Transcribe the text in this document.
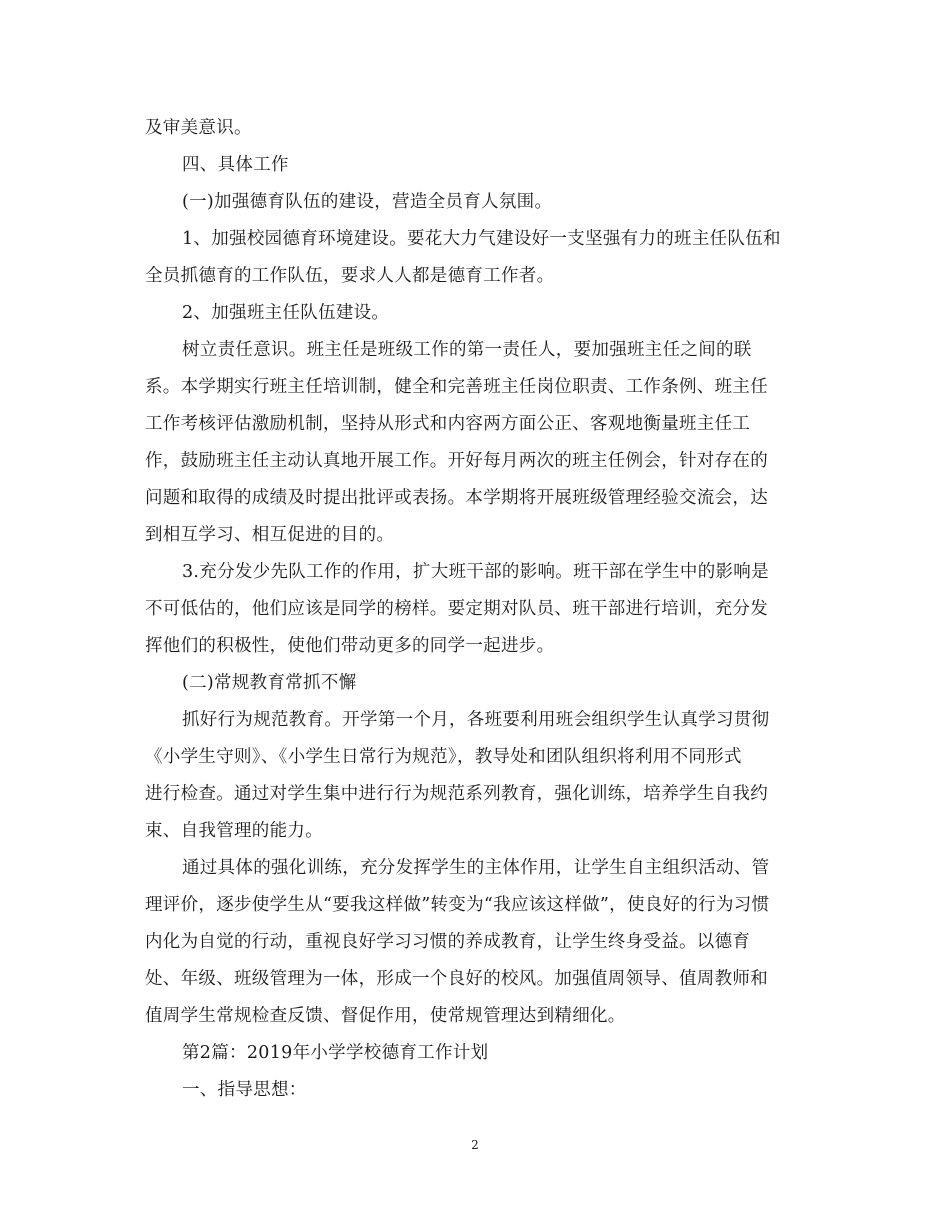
及审美意识。
四、具体工作
(一)加强德育队伍的建设，营造全员育人氛围。
1、加强校园德育环境建设。要花大力气建设好一支坚强有力的班主任队伍和
全员抓德育的工作队伍，要求人人都是德育工作者。
2、加强班主任队伍建设。
树立责任意识。班主任是班级工作的第一责任人，要加强班主任之间的联
系。本学期实行班主任培训制，健全和完善班主任岗位职责、工作条例、班主任
工作考核评估激励机制，坚持从形式和内容两方面公正、客观地衡量班主任工
作，鼓励班主任主动认真地开展工作。开好每月两次的班主任例会，针对存在的
问题和取得的成绩及时提出批评或表扬。本学期将开展班级管理经验交流会，达
到相互学习、相互促进的目的。
3.充分发少先队工作的作用，扩大班干部的影响。班干部在学生中的影响是
不可低估的，他们应该是同学的榜样。要定期对队员、班干部进行培训，充分发
挥他们的积极性，使他们带动更多的同学一起进步。
(二)常规教育常抓不懈
抓好行为规范教育。开学第一个月，各班要利用班会组织学生认真学习贯彻
《小学生守则》、《小学生日常行为规范》，教导处和团队组织将利用不同形式
进行检查。通过对学生集中进行行为规范系列教育，强化训练，培养学生自我约
束、自我管理的能力。
通过具体的强化训练，充分发挥学生的主体作用，让学生自主组织活动、管
理评价，逐步使学生从“要我这样做”转变为“我应该这样做”，使良好的行为习惯
内化为自觉的行动，重视良好学习习惯的养成教育，让学生终身受益。以德育
处、年级、班级管理为一体，形成一个良好的校风。加强值周领导、值周教师和
值周学生常规检查反馈、督促作用，使常规管理达到精细化。
第2篇：2019年小学学校德育工作计划
一、指导思想：
2
